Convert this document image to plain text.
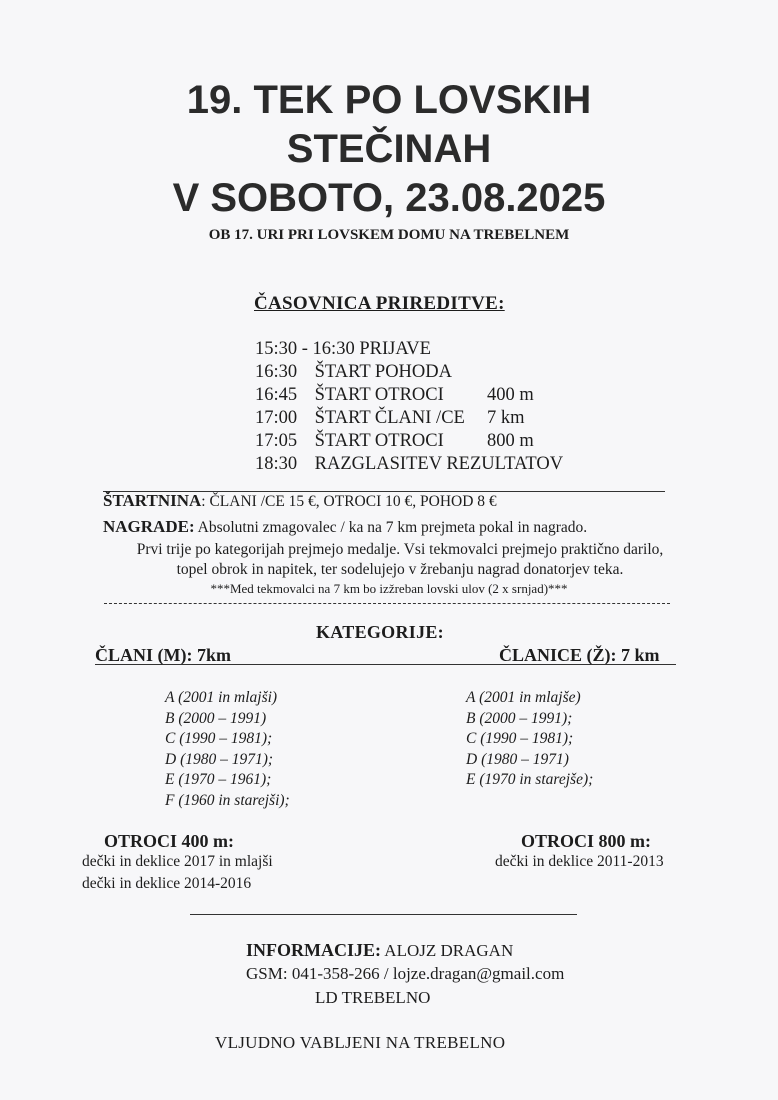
19. TEK PO LOVSKIH
STEČINAH
V SOBOTO, 23.08.2025
OB 17. URI PRI LOVSKEM DOMU NA TREBELNEM
ČASOVNICA PRIREDITVE:
15:30 - 16:30 PRIJAVE
16:30 ŠTART POHODA
16:45 ŠTART OTROCI 400 m
17:00 ŠTART ČLANI /CE 7 km
17:05 ŠTART OTROCI 800 m
18:30 RAZGLASITEV REZULTATOV
ŠTARTNINA: ČLANI /CE 15 €, OTROCI 10 €, POHOD 8 €
NAGRADE: Absolutni zmagovalec / ka na 7 km prejmeta pokal in nagrado.
Prvi trije po kategorijah prejmejo medalje. Vsi tekmovalci prejmejo praktično darilo,
topel obrok in napitek, ter sodelujejo v žrebanju nagrad donatorjev teka.
***Med tekmovalci na 7 km bo izžreban lovski ulov (2 x srnjad)***
KATEGORIJE:
ČLANI (M): 7km	ČLANICE (Ž): 7 km
A (2001 in mlajši)
B (2000 – 1991)
C (1990 – 1981);
D (1980 – 1971);
E (1970 – 1961);
F (1960 in starejši);
A (2001 in mlajše)
B (2000 – 1991);
C (1990 – 1981);
D (1980 – 1971)
E (1970 in starejše);
OTROCI 400 m:
dečki in deklice 2017 in mlajši
dečki in deklice 2014-2016
OTROCI 800 m:
dečki in deklice 2011-2013
INFORMACIJE: ALOJZ DRAGAN
GSM: 041-358-266 / lojze.dragan@gmail.com
LD TREBELNO
VLJUDNO VABLJENI NA TREBELNO
